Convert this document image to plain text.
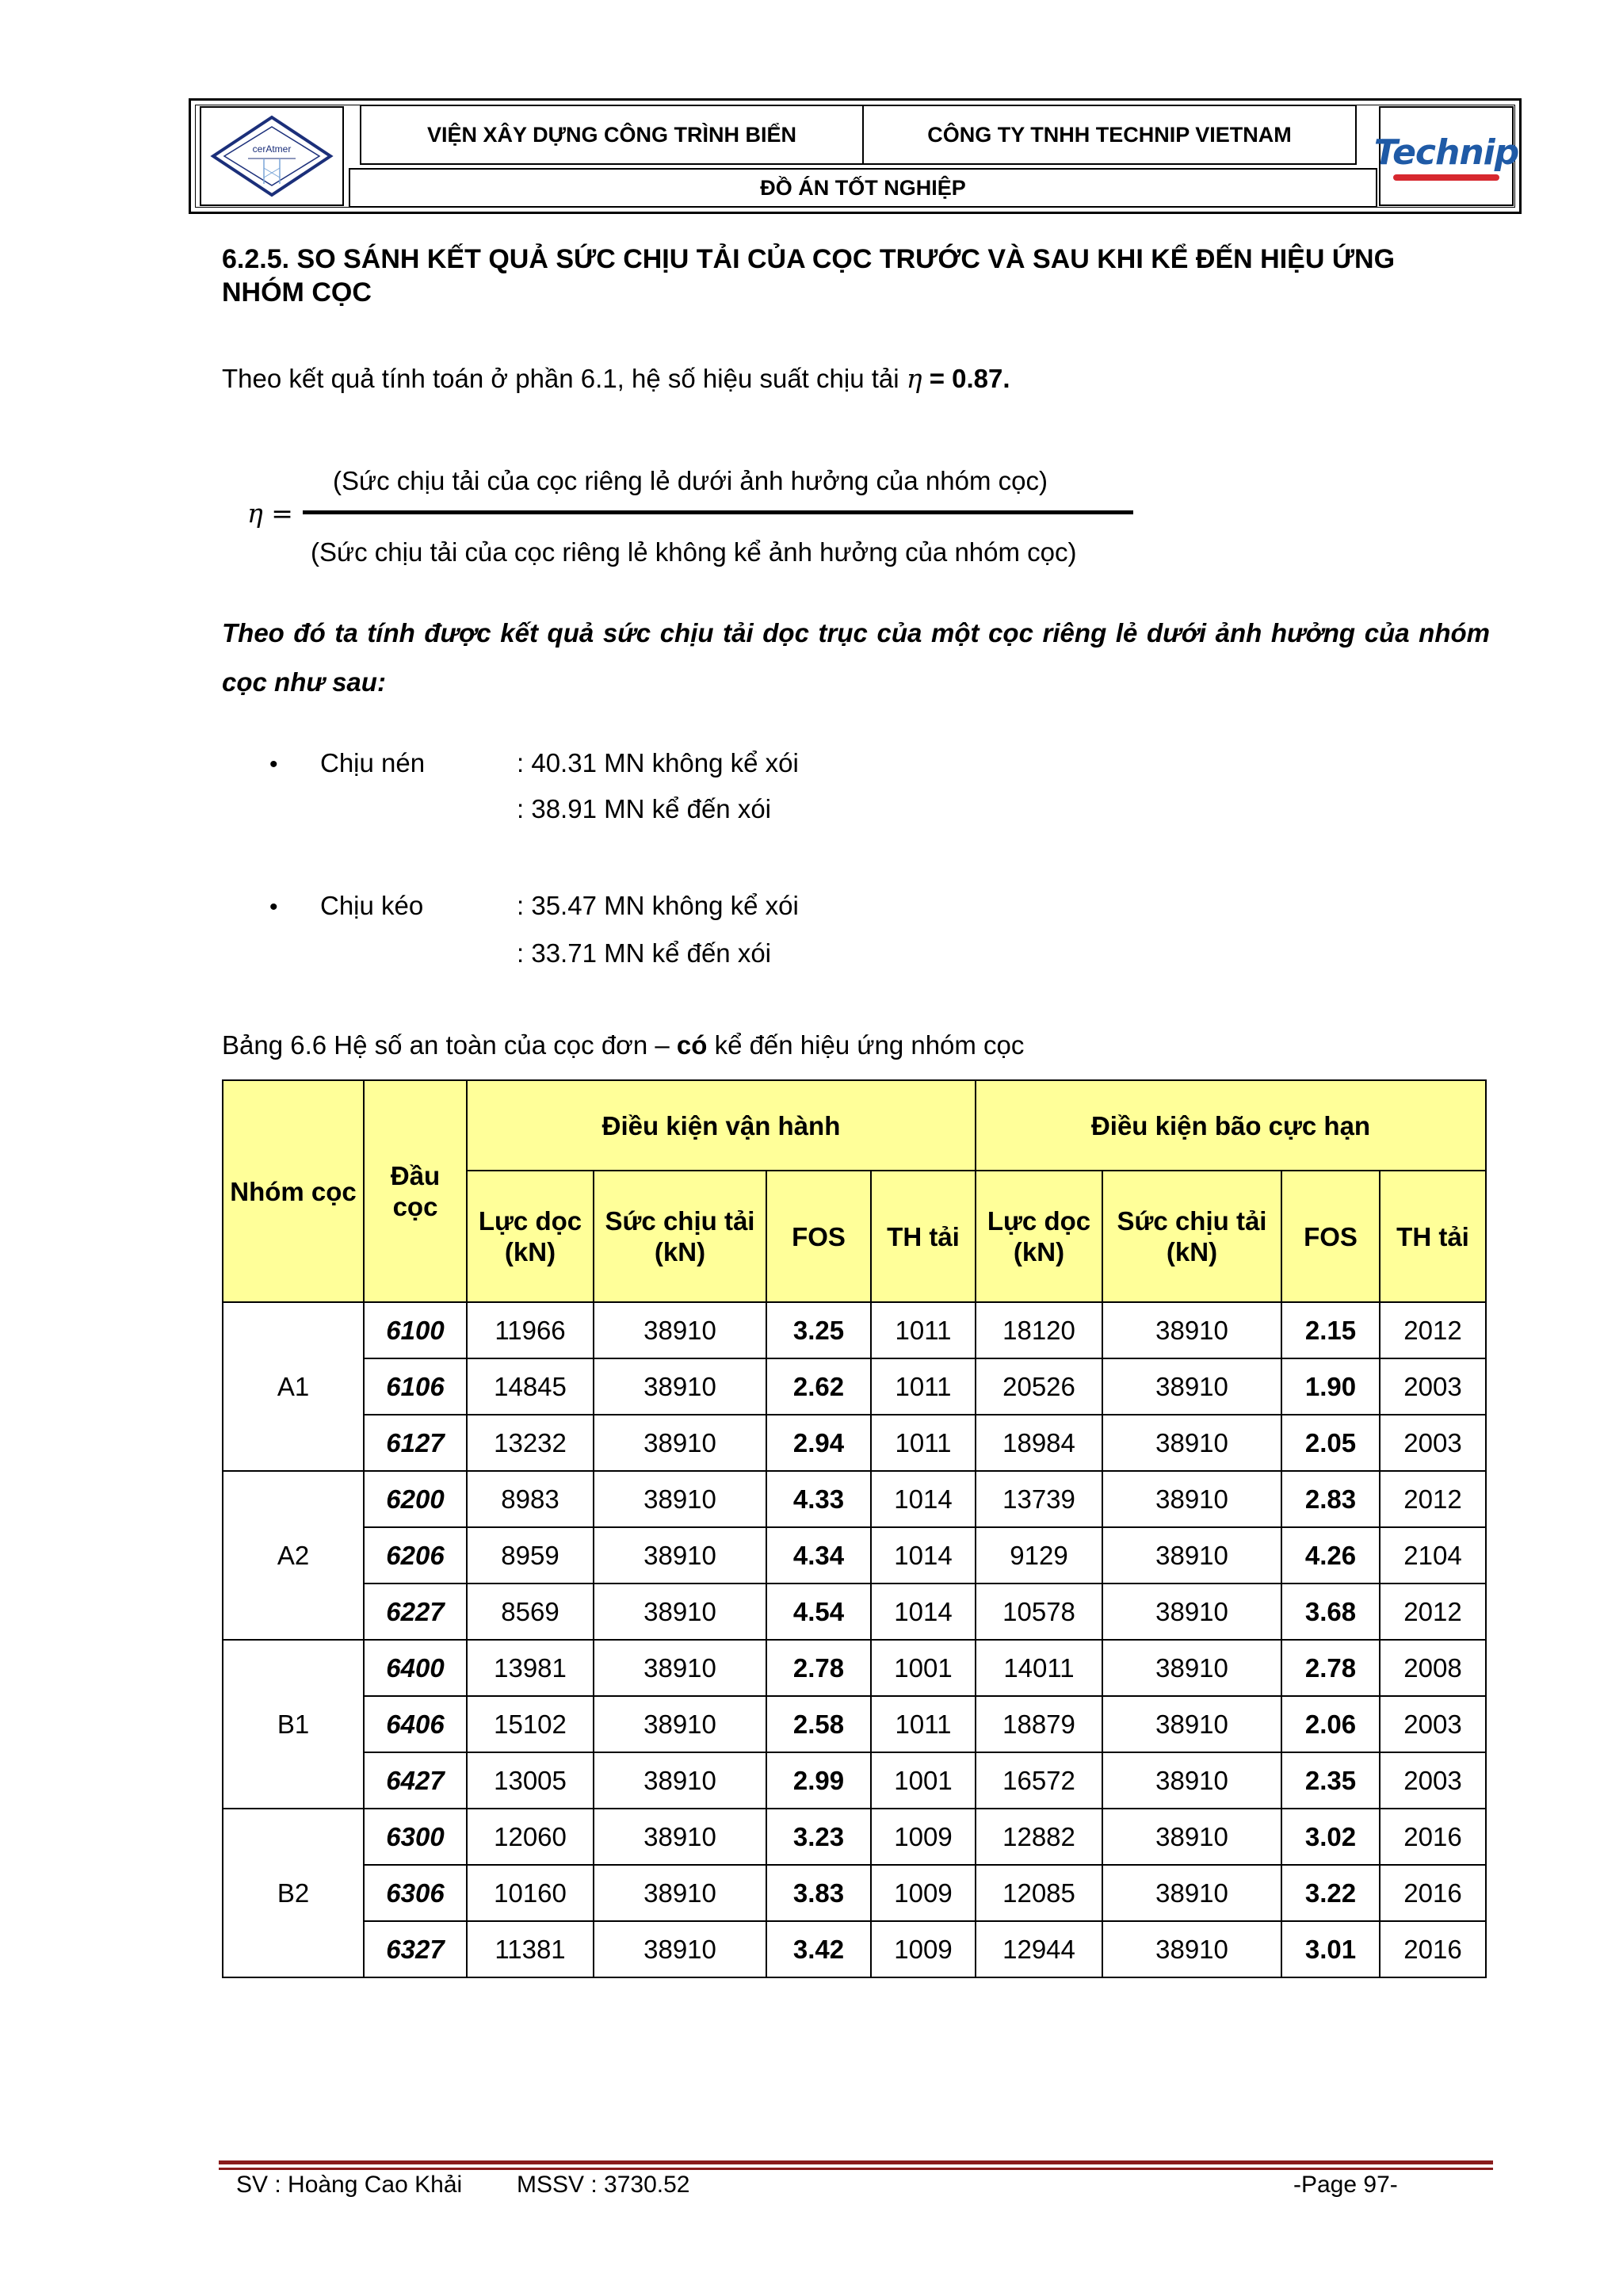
cerAtmer
VIỆN XÂY DỰNG CÔNG TRÌNH BIỂN	CÔNG TY TNHH TECHNIP VIETNAM
ĐỒ ÁN TỐT NGHIỆP
Technip
6.2.5. SO SÁNH KẾT QUẢ SỨC CHỊU TẢI CỦA CỌC TRƯỚC VÀ SAU KHI KỂ ĐẾN HIỆU ỨNG NHÓM CỌC
Theo kết quả tính toán ở phần 6.1, hệ số hiệu suất chịu tải η = 0.87.
(Sức chịu tải của cọc riêng lẻ dưới ảnh hưởng của nhóm cọc)
η =
(Sức chịu tải của cọc riêng lẻ không kể ảnh hưởng của nhóm cọc)
Theo đó ta tính được kết quả sức chịu tải dọc trục của một cọc riêng lẻ dưới ảnh hưởng của nhóm cọc như sau:
• Chịu nén	: 40.31 MN không kể xói
: 38.91 MN kể đến xói
• Chịu kéo	: 35.47 MN không kể xói
: 33.71 MN kể đến xói
Bảng 6.6 Hệ số an toàn của cọc đơn – có kể đến hiệu ứng nhóm cọc
Nhóm cọc	Đầu cọc	Điều kiện vận hành				Điều kiện bão cực hạn			
		Lực dọc (kN)	Sức chịu tải (kN)	FOS	TH tải	Lực dọc (kN)	Sức chịu tải (kN)	FOS	TH tải
A1	6100	11966	38910	3.25	1011	18120	38910	2.15	2012
	6106	14845	38910	2.62	1011	20526	38910	1.90	2003
	6127	13232	38910	2.94	1011	18984	38910	2.05	2003
A2	6200	8983	38910	4.33	1014	13739	38910	2.83	2012
	6206	8959	38910	4.34	1014	9129	38910	4.26	2104
	6227	8569	38910	4.54	1014	10578	38910	3.68	2012
B1	6400	13981	38910	2.78	1001	14011	38910	2.78	2008
	6406	15102	38910	2.58	1011	18879	38910	2.06	2003
	6427	13005	38910	2.99	1001	16572	38910	2.35	2003
B2	6300	12060	38910	3.23	1009	12882	38910	3.02	2016
	6306	10160	38910	3.83	1009	12085	38910	3.22	2016
	6327	11381	38910	3.42	1009	12944	38910	3.01	2016
SV : Hoàng Cao Khải MSSV : 3730.52	-Page 97-
